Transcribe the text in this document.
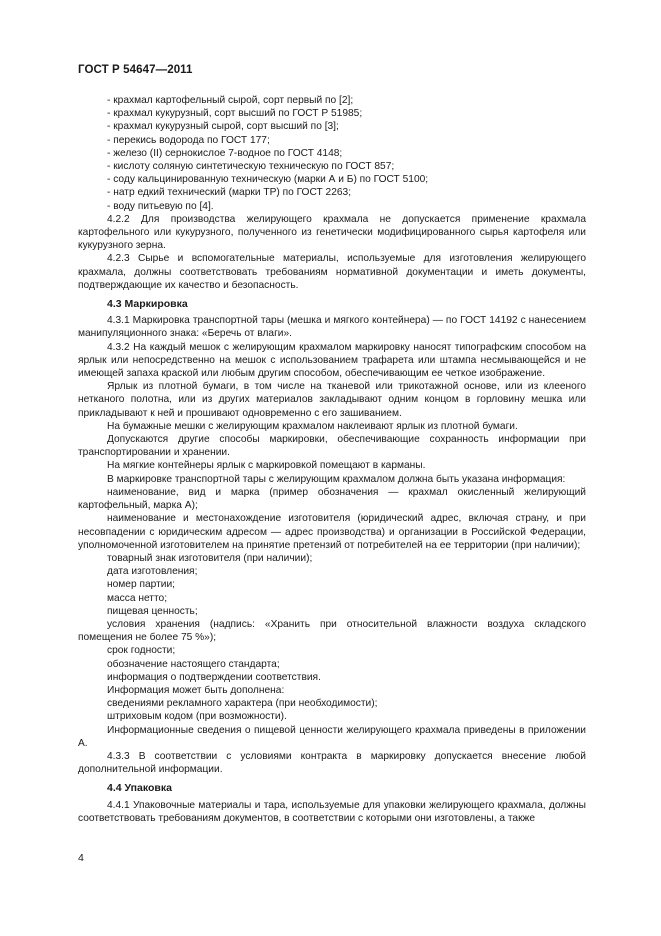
ГОСТ Р 54647—2011

- крахмал картофельный сырой, сорт первый по [2];

- крахмал кукурузный, сорт высший по ГОСТ Р 51985;

- крахмал кукурузный сырой, сорт высший по [3];

- перекись водорода по ГОСТ 177;

- железо (II) сернокислое 7-водное по ГОСТ 4148;

- кислоту соляную синтетическую техническую по ГОСТ 857;

- соду кальцинированную техническую (марки А и Б) по ГОСТ 5100;

- натр едкий технический (марки ТР) по ГОСТ 2263;

- воду питьевую по [4].

4.2.2 Для производства желирующего крахмала не допускается применение крахмала картофельного или кукурузного, полученного из генетически модифицированного сырья картофеля или кукурузного зерна.

4.2.3 Сырье и вспомогательные материалы, используемые для изготовления желирующего крахмала, должны соответствовать требованиям нормативной документации и иметь документы, подтверждающие их качество и безопасность.

4.3 Маркировка

4.3.1 Маркировка транспортной тары (мешка и мягкого контейнера) — по ГОСТ 14192 с нанесением манипуляционного знака: «Беречь от влаги».

4.3.2 На каждый мешок с желирующим крахмалом маркировку наносят типографским способом на ярлык или непосредственно на мешок с использованием трафарета или штампа несмывающейся и не имеющей запаха краской или любым другим способом, обеспечивающим ее четкое изображение.

Ярлык из плотной бумаги, в том числе на тканевой или трикотажной основе, или из клееного нетканого полотна, или из других материалов закладывают одним концом в горловину мешка или прикладывают к ней и прошивают одновременно с его зашиванием.

На бумажные мешки с желирующим крахмалом наклеивают ярлык из плотной бумаги.

Допускаются другие способы маркировки, обеспечивающие сохранность информации при транспортировании и хранении.

На мягкие контейнеры ярлык с маркировкой помещают в карманы.

В маркировке транспортной тары с желирующим крахмалом должна быть указана информация:

наименование, вид и марка (пример обозначения — крахмал окисленный желирующий картофельный, марка А);

наименование и местонахождение изготовителя (юридический адрес, включая страну, и при несовпадении с юридическим адресом — адрес производства) и организации в Российской Федерации, уполномоченной изготовителем на принятие претензий от потребителей на ее территории (при наличии);

товарный знак изготовителя (при наличии);

дата изготовления;

номер партии;

масса нетто;

пищевая ценность;

условия хранения (надпись: «Хранить при относительной влажности воздуха складского помещения не более 75 %»);

срок годности;

обозначение настоящего стандарта;

информация о подтверждении соответствия.

Информация может быть дополнена:

сведениями рекламного характера (при необходимости);

штриховым кодом (при возможности).

Информационные сведения о пищевой ценности желирующего крахмала приведены в приложении А.

4.3.3 В соответствии с условиями контракта в маркировку допускается внесение любой дополнительной информации.

4.4 Упаковка

4.4.1 Упаковочные материалы и тара, используемые для упаковки желирующего крахмала, должны соответствовать требованиям документов, в соответствии с которыми они изготовлены, а также

4
